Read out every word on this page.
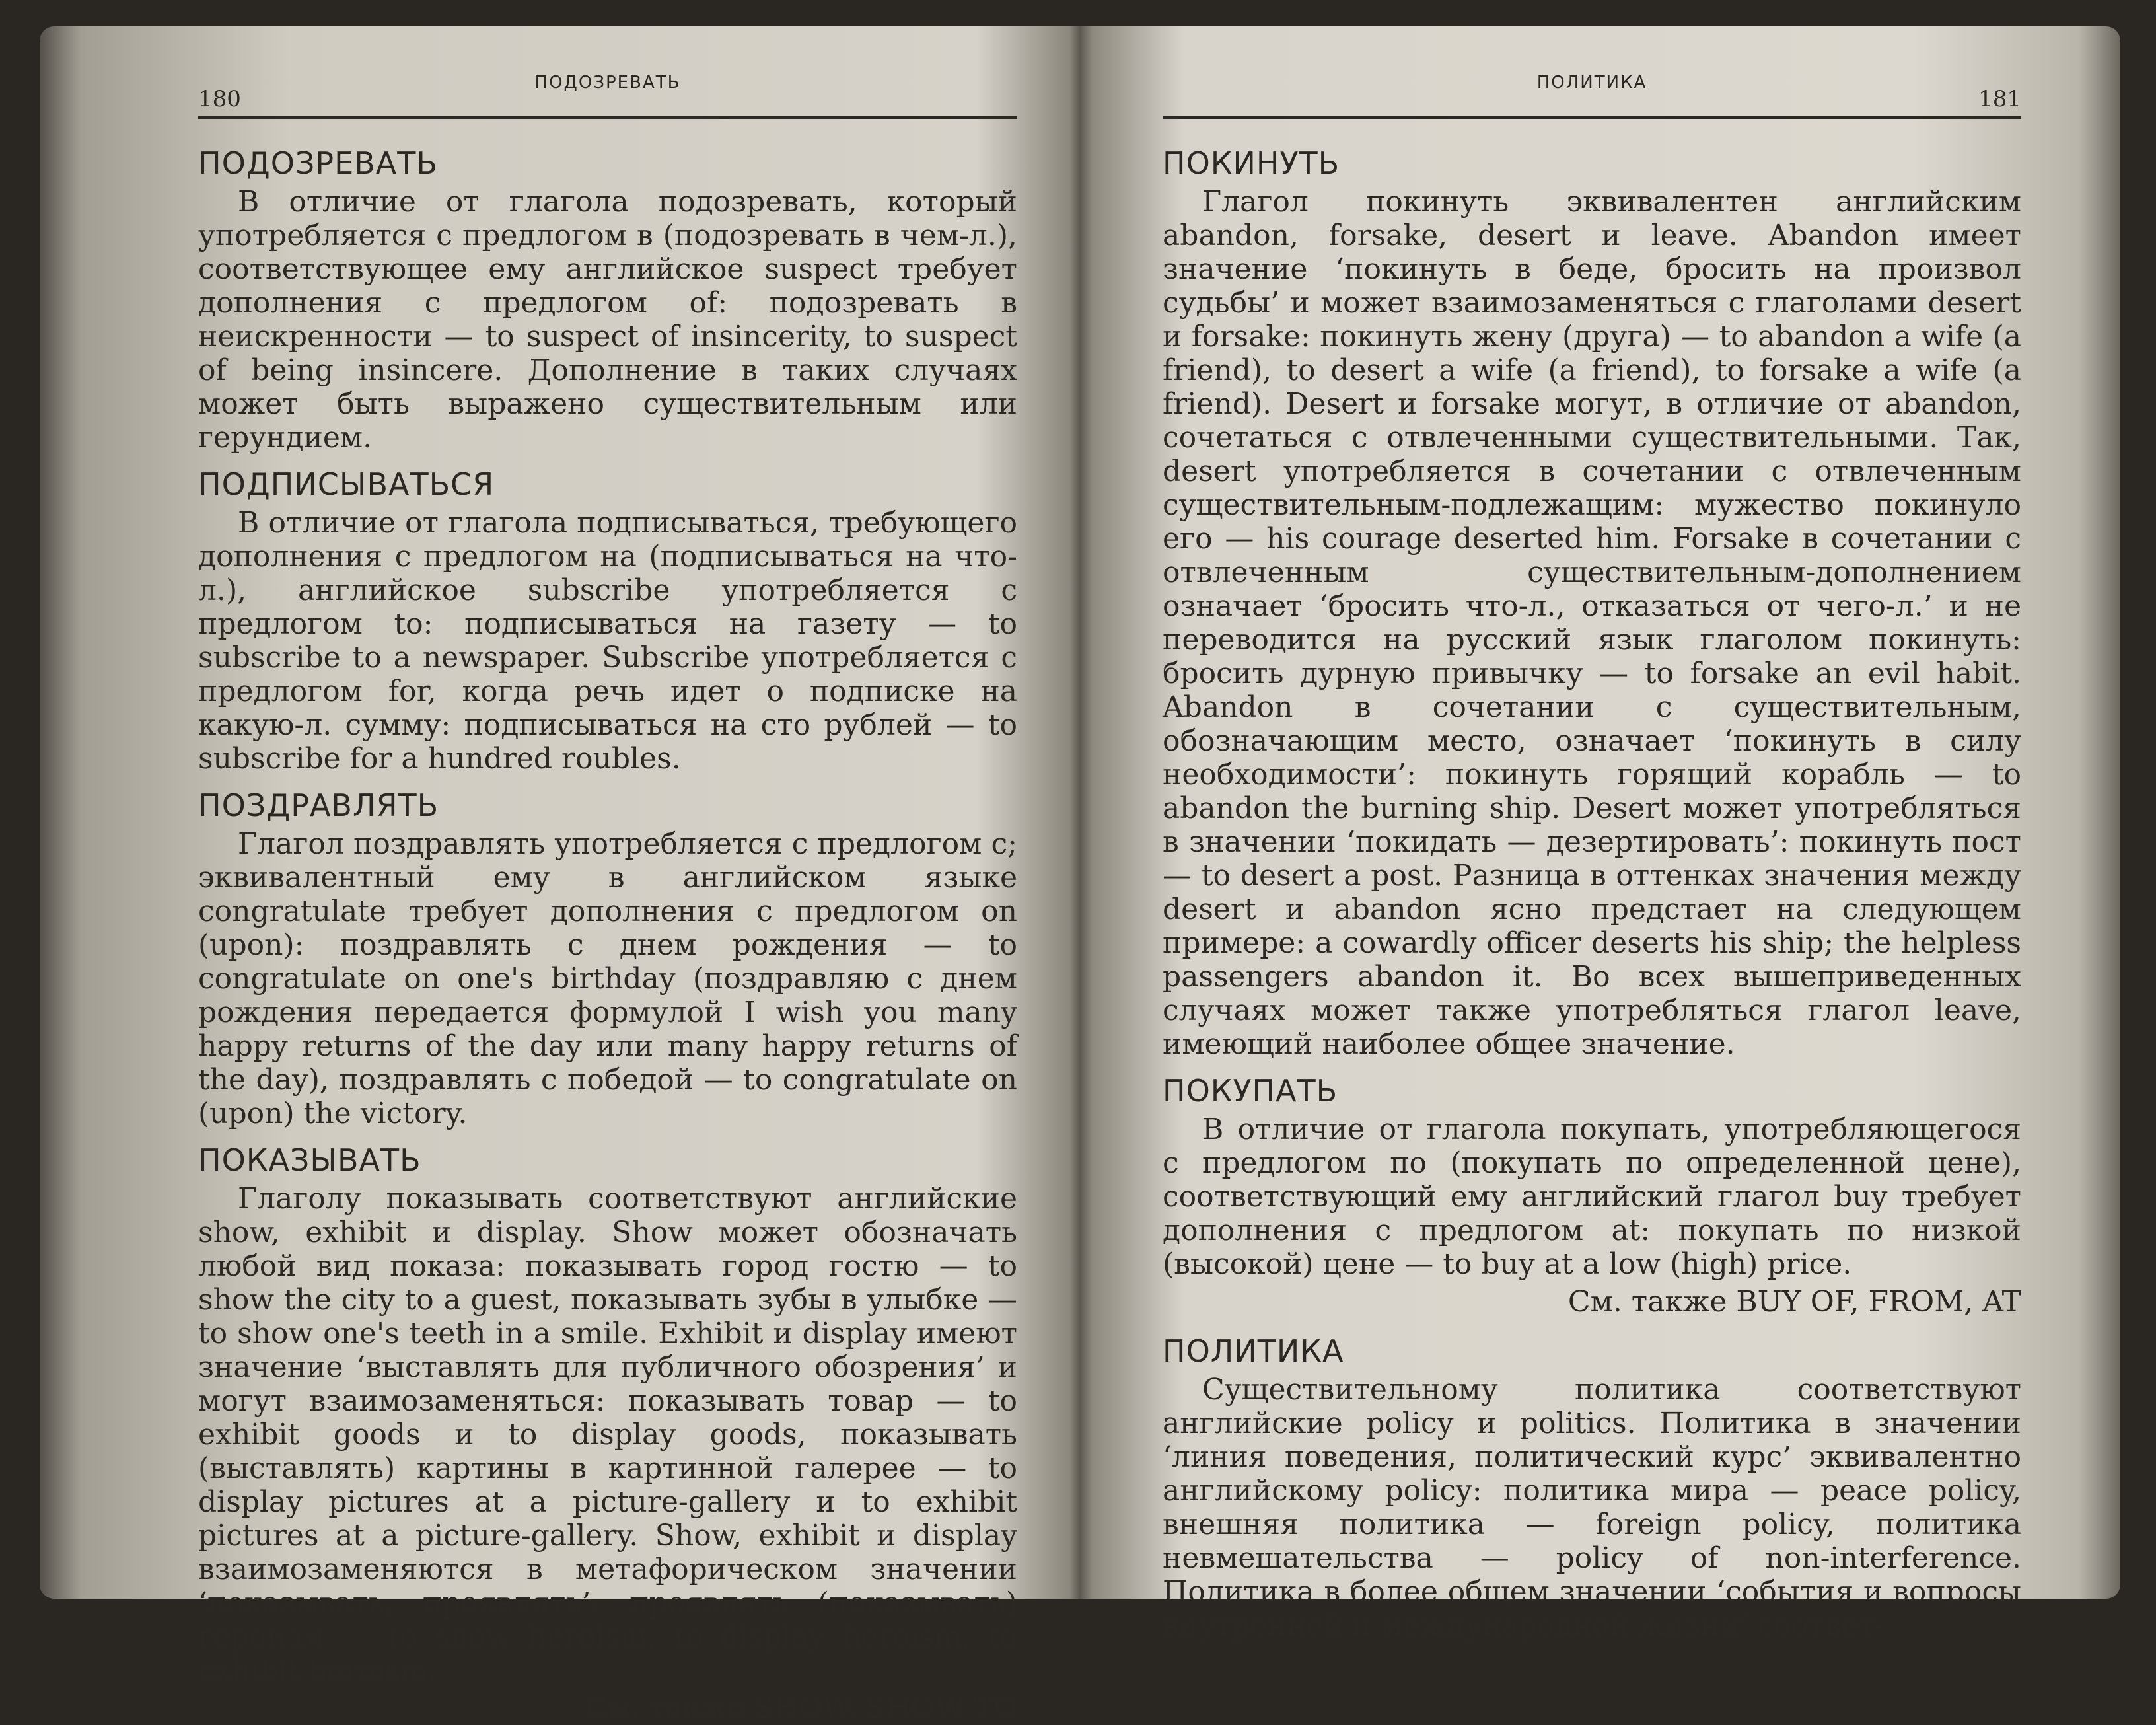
180
ПОДОЗРЕВАТЬ
ПОДОЗРЕВАТЬ

В отличие от глагола подозревать, который употребляется с предлогом в (подозревать в чем-л.), соответствующее ему английское suspect требует дополнения с предлогом of: подозревать в неискренности — to suspect of insincerity, to suspect of being insincere. Дополнение в таких случаях может быть выражено существительным или герундием.

ПОДПИСЫВАТЬСЯ

В отличие от глагола подписываться, требующего дополнения с предлогом на (подписываться на что-л.), английское subscribe употребляется с предлогом to: подписываться на газету — to subscribe to a newspaper. Subscribe употребляется с предлогом for, когда речь идет о подписке на какую-л. сумму: подписываться на сто рублей — to subscribe for a hundred roubles.

ПОЗДРАВЛЯТЬ

Глагол поздравлять употребляется с предлогом с; эквивалентный ему в английском языке congratulate требует дополнения с предлогом on (upon): поздравлять с днем рождения — to congratulate on one's birthday (поздравляю с днем рождения передается формулой I wish you many happy returns of the day или many happy returns of the day), поздравлять с победой — to congratulate on (upon) the victory.

ПОКАЗЫВАТЬ

Глаголу показывать соответствуют английские show, exhibit и display. Show может обозначать любой вид показа: показывать город гостю — to show the city to a guest, показывать зубы в улыбке — to show one's teeth in a smile. Exhibit и display имеют значение ‘выставлять для публичного обозрения’ и могут взаимозаменяться: показывать товар — to exhibit goods и to display goods, показывать (выставлять) картины в картинной галерее — to display pictures at a picture-gallery и to exhibit pictures at a picture-gallery. Show, exhibit и display взаимозаменяются в метафорическом значении ‘показывать, проявлять’: проявлять (показывать) героизм — to show heroism, to display heroism, to exhibit heroism.

См. также SHOW, SHOW TO
ПОЛИТИКА
181
ПОКИНУТЬ

Глагол покинуть эквивалентен английским abandon, forsake, desert и leave. Abandon имеет значение ‘покинуть в беде, бросить на произвол судьбы’ и может взаимозаменяться с глаголами desert и forsake: покинуть жену (друга) — to abandon a wife (a friend), to desert a wife (a friend), to forsake a wife (a friend). Desert и forsake могут, в отличие от abandon, сочетаться с отвлеченными существительными. Так, desert употребляется в сочетании с отвлеченным существительным-подлежащим: мужество покинуло его — his courage deserted him. Forsake в сочетании с отвлеченным существительным-дополнением означает ‘бросить что-л., отказаться от чего-л.’ и не переводится на русский язык глаголом покинуть: бросить дурную привычку — to forsake an evil habit. Abandon в сочетании с существительным, обозначающим место, означает ‘покинуть в силу необходимости’: покинуть горящий корабль — to abandon the burning ship. Desert может употребляться в значении ‘покидать — дезертировать’: покинуть пост — to desert a post. Разница в оттенках значения между desert и abandon ясно предстает на следующем примере: a cowardly officer deserts his ship; the helpless passengers abandon it. Во всех вышеприведенных случаях может также употребляться глагол leave, имеющий наиболее общее значение.

ПОКУПАТЬ

В отличие от глагола покупать, употребляющегося с предлогом по (покупать по определенной цене), соответствующий ему английский глагол buy требует дополнения с предлогом at: покупать по низкой (высокой) цене — to buy at a low (high) price.

См. также BUY OF, FROM, AT
ПОЛИТИКА

Существительному политика соответствуют английские policy и politics. Политика в значении ‘линия поведения, политический курс’ эквивалентно английскому policy: политика мира — peace policy, внешняя политика — foreign policy, политика невмешательства — policy of non-interference. Политика в более общем значении ‘события и вопросы внутренней и международной жизни’ соответ-
